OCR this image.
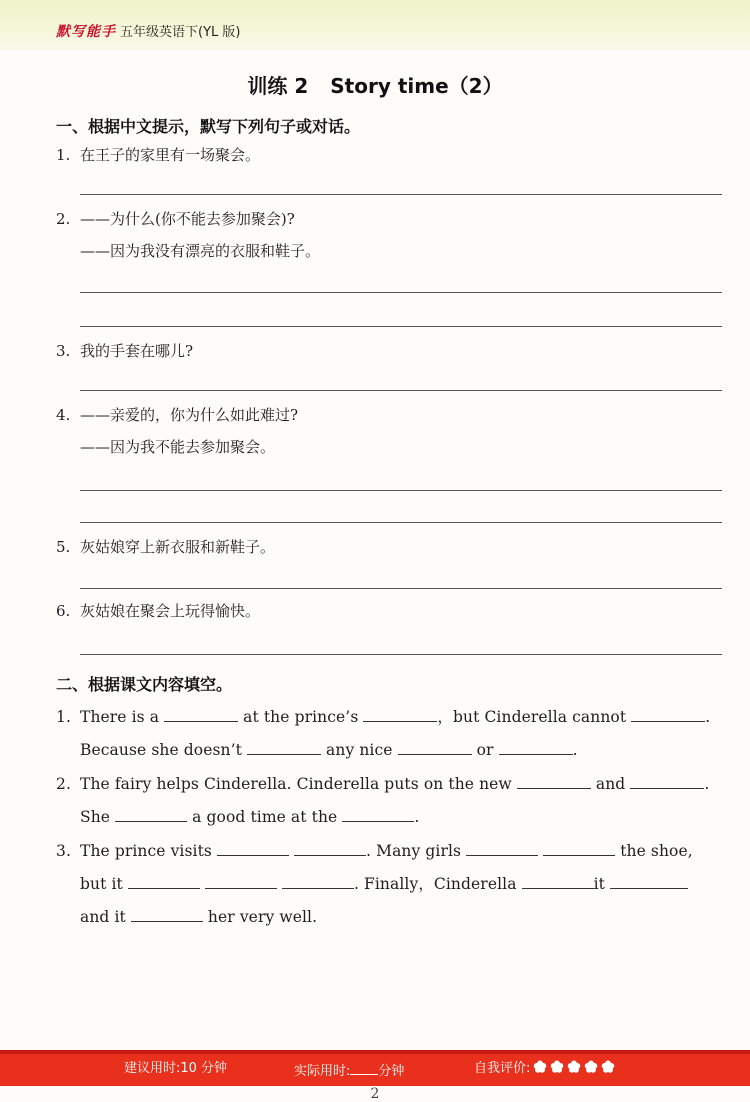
默写能手 五年级英语下(YL 版)
训练 2 Story time（2）
一、根据中文提示，默写下列句子或对话。
1. 在王子的家里有一场聚会。
2. ——为什么(你不能去参加聚会)?
——因为我没有漂亮的衣服和鞋子。
3. 我的手套在哪儿?
4. ——亲爱的，你为什么如此难过?
——因为我不能去参加聚会。
5. 灰姑娘穿上新衣服和新鞋子。
6. 灰姑娘在聚会上玩得愉快。
二、根据课文内容填空。
1. There is a	at the prince’s	，but Cinderella cannot	.
Because she doesn’t	any nice	or	.
2. The fairy helps Cinderella. Cinderella puts on the new	and	.
She	a good time at the	.
3. The prince visits	. Many girls	the shoe,
but it	. Finally，Cinderella	it
and it	her very well.
建议用时:10 分钟	实际用时: 分钟	自我评价:
2
